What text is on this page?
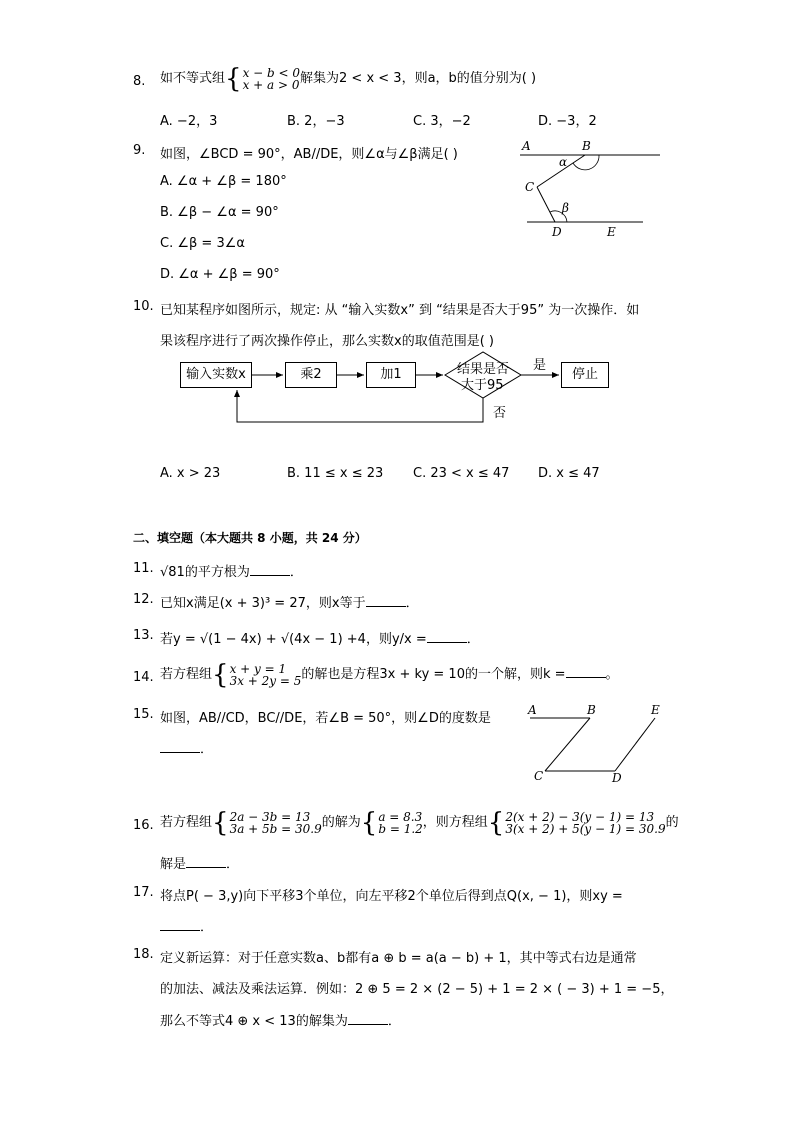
8. 如不等式组 { x − b < 0
x + a > 0 解集为2 < x < 3，则a，b的值分别为( )
A. −2，3	B. 2，−3	C. 3，−2	D. −3，2
9. 如图，∠BCD = 90°，AB//DE，则∠α与∠β满足( )
A. ∠α + ∠β = 180°
B. ∠β − ∠α = 90°
C. ∠β = 3∠α
D. ∠α + ∠β = 90°
A	B
α
C
β
D	E
10. 已知某程序如图所示，规定: 从 “输入实数x” 到 “结果是否大于95” 为一次操作．如
果该程序进行了两次操作停止，那么实数x的取值范围是( )
输入实数x	乘2	加1	停止
结果是否
大于95
是
否
A. x > 23	B. 11 ≤ x ≤ 23 C. 23 < x ≤ 47 D. x ≤ 47
二、填空题（本大题共 8 小题，共 24 分）
11. √81的平方根为	．
12. 已知x满足(x + 3)³ = 27，则x等于	．
13. 若y = √(1 − 4x) + √(4x − 1) +4，则y/x =	．
14. 若方程组 { x + y = 1
3x + 2y = 5 的解也是方程3x + ky = 10的一个解，则k =	。
15. 如图，AB//CD，BC//DE，若∠B = 50°，则∠D的度数是
．
A	B	E
C	D
16. 若方程组 { 2a − 3b = 13
3a + 5b = 30.9 的解为 { a = 8.3
b = 1.2 ，则方程组 { 2(x + 2) − 3(y − 1) = 13
3(x + 2) + 5(y − 1) = 30.9 的
解是	．
17. 将点P( − 3,y)向下平移3个单位，向左平移2个单位后得到点Q(x, − 1)，则xy =
．
18. 定义新运算：对于任意实数a、b都有a ⊕ b = a(a − b) + 1，其中等式右边是通常
的加法、减法及乘法运算．例如：2 ⊕ 5 = 2 × (2 − 5) + 1 = 2 × ( − 3) + 1 = −5，
那么不等式4 ⊕ x < 13的解集为	．
